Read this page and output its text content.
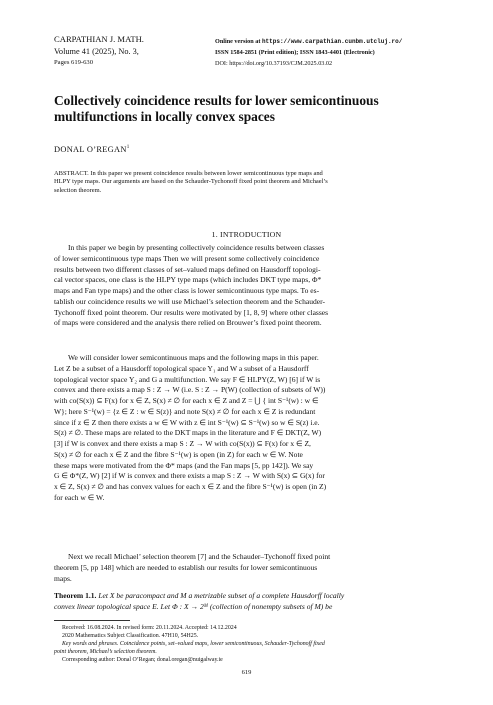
CARPATHIAN J. MATH.
Volume 41 (2025), No. 3,
Pages 619-630
Online version at https://www.carpathian.cunbm.utcluj.ro/
ISSN 1584-2851 (Print edition); ISSN 1843-4401 (Electronic)
DOI: https://doi.org/10.37193/CJM.2025.03.02
Collectively coincidence results for lower semicontinuous
multifunctions in locally convex spaces
DONAL O’REGAN$^1$
ABSTRACT. In this paper we present coincidence results between lower semicontinuous type maps and
HLPY type maps. Our arguments are based on the Schauder-Tychonoff fixed point theorem and Michael’s
selection theorem.
1. INTRODUCTION
In this paper we begin by presenting collectively coincidence results between classes
of lower semicontinuous type maps Then we will present some collectively coincidence
results between two different classes of set–valued maps defined on Hausdorff topologi-
cal vector spaces, one class is the HLPY type maps (which includes DKT type maps, Φ*
maps and Fan type maps) and the other class is lower semicontinuous type maps. To es-
tablish our coincidence results we will use Michael’s selection theorem and the Schauder-
Tychonoff fixed point theorem. Our results were motivated by [1, 8, 9] where other classes
of maps were considered and the analysis there relied on Brouwer’s fixed point theorem.
We will consider lower semicontinuous maps and the following maps in this paper.
Let Z be a subset of a Hausdorff topological space Y₁ and W a subset of a Hausdorff
topological vector space Y₂ and G a multifunction. We say F ∈ HLPY(Z, W) [6] if W is
convex and there exists a map S : Z → W (i.e. S : Z → P(W) (collection of subsets of W))
with co(S(x)) ⊆ F(x) for x ∈ Z, S(x) ≠ ∅ for each x ∈ Z and Z = ⋃ { int S⁻¹(w) : w ∈
W}; here S⁻¹(w) = {z ∈ Z : w ∈ S(z)} and note S(x) ≠ ∅ for each x ∈ Z is redundant
since if z ∈ Z then there exists a w ∈ W with z ∈ int S⁻¹(w) ⊆ S⁻¹(w) so w ∈ S(z) i.e.
S(z) ≠ ∅. These maps are related to the DKT maps in the literature and F ∈ DKT(Z, W)
[3] if W is convex and there exists a map S : Z → W with co(S(x)) ⊆ F(x) for x ∈ Z,
S(x) ≠ ∅ for each x ∈ Z and the fibre S⁻¹(w) is open (in Z) for each w ∈ W. Note
these maps were motivated from the Φ* maps (and the Fan maps [5, pp 142]). We say
G ∈ Φ*(Z, W) [2] if W is convex and there exists a map S : Z → W with S(x) ⊆ G(x) for
x ∈ Z, S(x) ≠ ∅ and has convex values for each x ∈ Z and the fibre S⁻¹(w) is open (in Z)
for each w ∈ W.
Next we recall Michael’ selection theorem [7] and the Schauder–Tychonoff fixed point
theorem [5, pp 148] which are needed to establish our results for lower semicontinuous
maps.
Theorem 1.1. Let X be paracompact and M a metrizable subset of a complete Hausdorff locally
convex linear topological space E. Let Φ : X → 2ᴹ (collection of nonempty subsets of M) be
Received: 16.08.2024. In revised form: 20.11.2024. Accepted: 14.12.2024
2020 Mathematics Subject Classification. 47H10, 54H25.
Key words and phrases. Coincidence points, set–valued maps, lower semicontinuous, Schauder-Tychonoff fixed
point theorem, Michael’s selection theorem.
Corresponding author: Donal O’Regan; donal.oregan@nuigalway.ie
619
